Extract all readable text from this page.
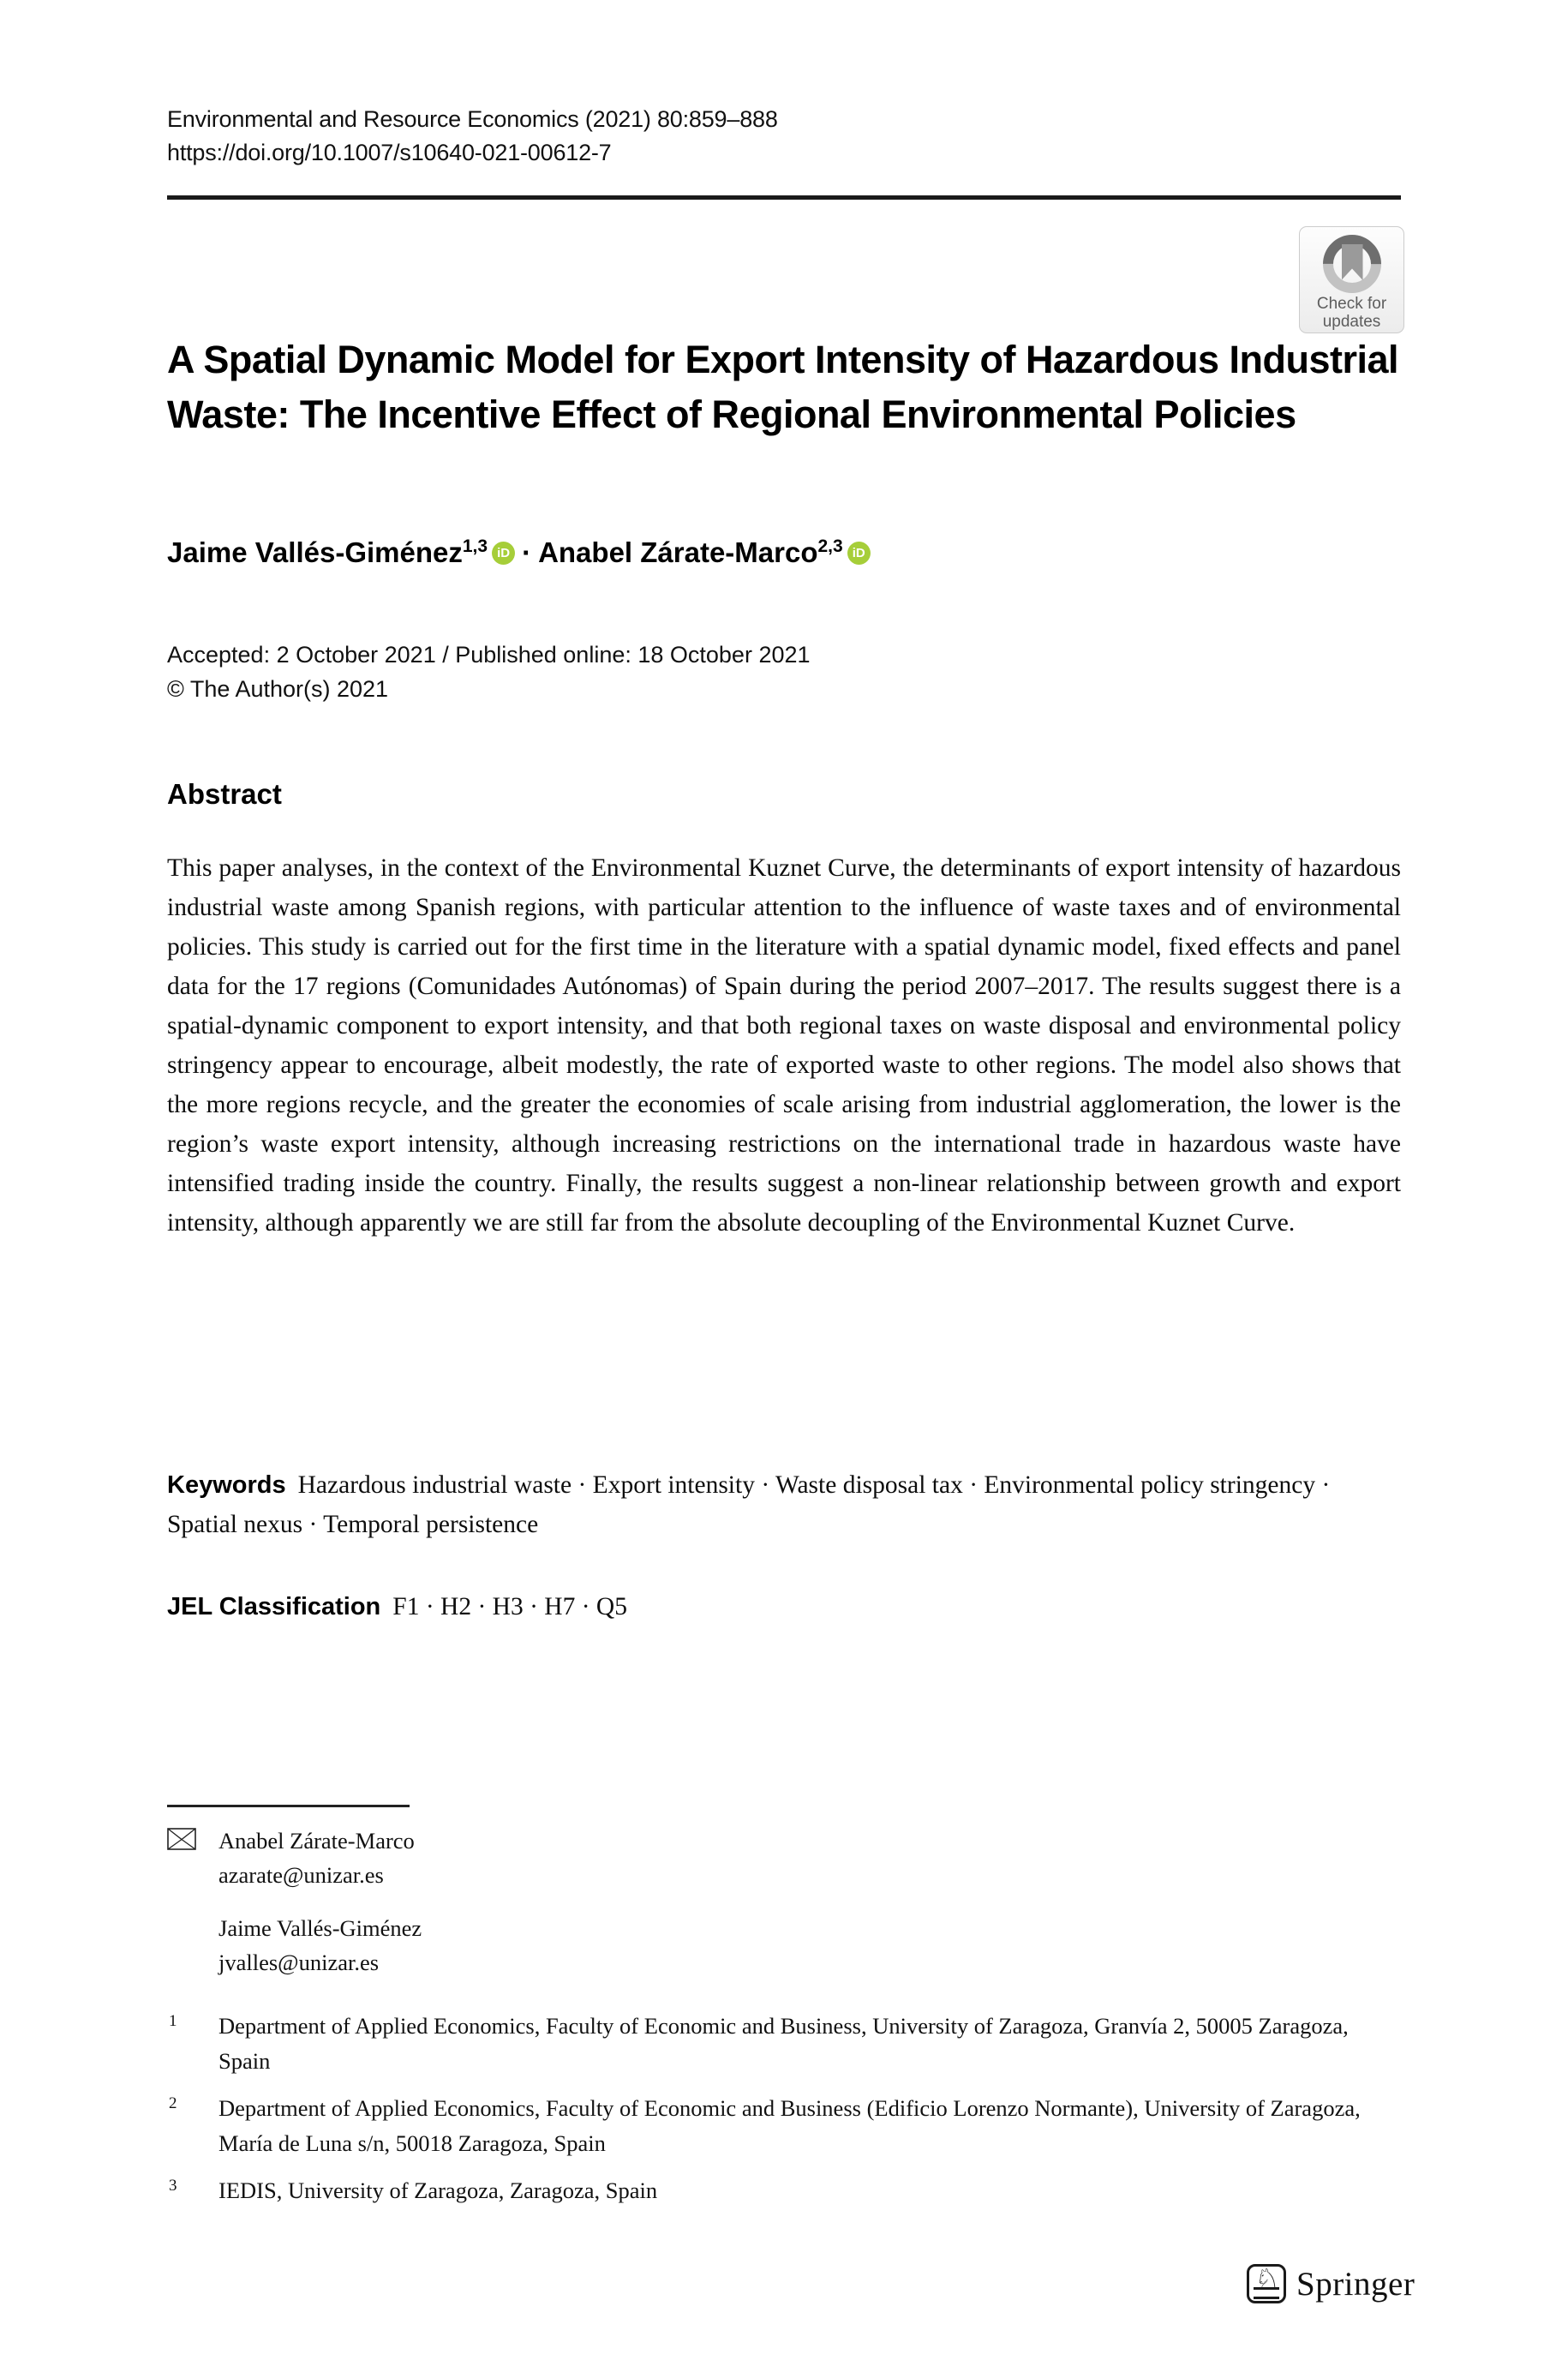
Environmental and Resource Economics (2021) 80:859–888
https://doi.org/10.1007/s10640-021-00612-7
Check for
updates
A Spatial Dynamic Model for Export Intensity of Hazardous Industrial Waste: The Incentive Effect of Regional Environmental Policies
Jaime Vallés-Giménez$^{1,3}$ iD · Anabel Zárate-Marco$^{2,3}$ iD
Accepted: 2 October 2021 / Published online: 18 October 2021
© The Author(s) 2021
Abstract

This paper analyses, in the context of the Environmental Kuznet Curve, the determinants of export intensity of hazardous industrial waste among Spanish regions, with particular attention to the influence of waste taxes and of environmental policies. This study is carried out for the first time in the literature with a spatial dynamic model, fixed effects and panel data for the 17 regions (Comunidades Autónomas) of Spain during the period 2007–2017. The results suggest there is a spatial-dynamic component to export intensity, and that both regional taxes on waste disposal and environmental policy stringency appear to encourage, albeit modestly, the rate of exported waste to other regions. The model also shows that the more regions recycle, and the greater the economies of scale arising from industrial agglomeration, the lower is the region’s waste export intensity, although increasing restrictions on the international trade in hazardous waste have intensified trading inside the country. Finally, the results suggest a non-linear relationship between growth and export intensity, although apparently we are still far from the absolute decoupling of the Environmental Kuznet Curve.

Keywords Hazardous industrial waste · Export intensity · Waste disposal tax · Environmental policy stringency · Spatial nexus · Temporal persistence

JEL Classification F1 · H2 · H3 · H7 · Q5

Anabel Zárate-Marco
azarate@unizar.es
Jaime Vallés-Giménez
jvalles@unizar.es
1 Department of Applied Economics, Faculty of Economic and Business, University of Zaragoza, Granvía 2, 50005 Zaragoza, Spain
2 Department of Applied Economics, Faculty of Economic and Business (Edificio Lorenzo Normante), University of Zaragoza, María de Luna s/n, 50018 Zaragoza, Spain
3 IEDIS, University of Zaragoza, Zaragoza, Spain
♘ Springer
